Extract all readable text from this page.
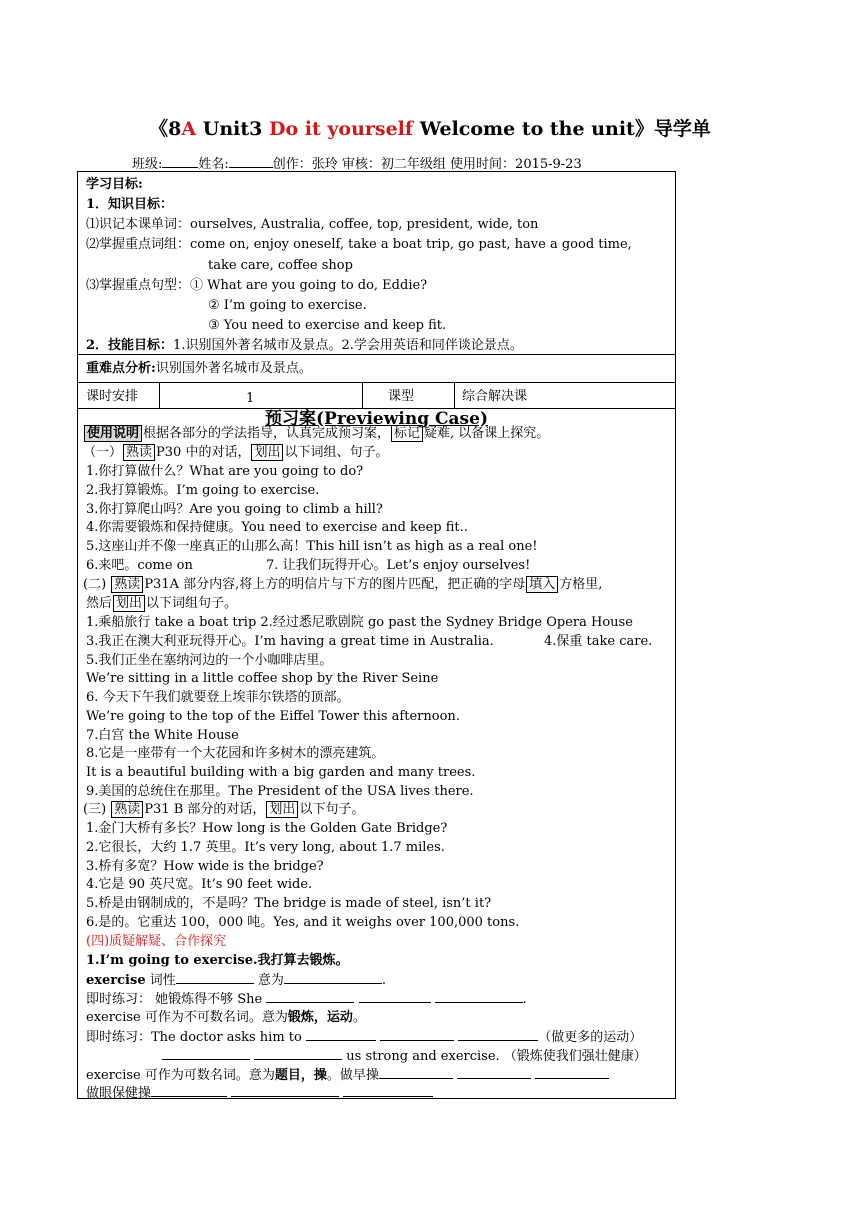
《8A Unit3 Do it yourself Welcome to the unit》导学单
班级:	姓名:	创作：张玲 审核：初二年级组 使用时间：2015-9-23
学习目标:
1．知识目标：
⑴识记本课单词：ourselves, Australia, coffee, top, president, wide, ton
⑵掌握重点词组：come on, enjoy oneself, take a boat trip, go past, have a good time,
take care, coffee shop
⑶掌握重点句型：① What are you going to do, Eddie?
② I’m going to exercise.
③ You need to exercise and keep fit.
2．技能目标：1.识别国外著名城市及景点。2.学会用英语和同伴谈论景点。
重难点分析:识别国外著名城市及景点。
课时安排	1	课型	综合解决课
预习案(Previewing Case)
使用说明 根据各部分的学法指导，认真完成预习案， 标记 疑难, 以备课上探究。
（一） 熟读 P30 中的对话， 划出 以下词组、句子。
1.你打算做什么？What are you going to do?
2.我打算锻炼。I’m going to exercise.
3.你打算爬山吗？Are you going to climb a hill?
4.你需要锻炼和保持健康。You need to exercise and keep fit..
5.这座山并不像一座真正的山那么高！This hill isn’t as high as a real one!
6.来吧。come on	7. 让我们玩得开心。Let’s enjoy ourselves!
(二) 熟读 P31A 部分内容,将上方的明信片与下方的图片匹配，把正确的字母 填入 方格里,
然后 划出 以下词组句子。
1.乘船旅行 take a boat trip 2.经过悉尼歌剧院 go past the Sydney Bridge Opera House
3.我正在澳大利亚玩得开心。I’m having a great time in Australia.	4.保重 take care.
5.我们正坐在塞纳河边的一个小咖啡店里。
We’re sitting in a little coffee shop by the River Seine
6. 今天下午我们就要登上埃菲尔铁塔的顶部。
We’re going to the top of the Eiffel Tower this afternoon.
7.白宫 the White House
8.它是一座带有一个大花园和许多树木的漂亮建筑。
It is a beautiful building with a big garden and many trees.
9.美国的总统住在那里。The President of the USA lives there.
(三) 熟读 P31 B 部分的对话， 划出 以下句子。
1.金门大桥有多长？How long is the Golden Gate Bridge?
2.它很长，大约 1.7 英里。It’s very long, about 1.7 miles.
3.桥有多宽？How wide is the bridge?
4.它是 90 英尺宽。It’s 90 feet wide.
5.桥是由钢制成的，不是吗？The bridge is made of steel, isn’t it?
6.是的。它重达 100，000 吨。Yes, and it weighs over 100,000 tons.
(四)质疑解疑、合作探究
1.I’m going to exercise.我打算去锻炼。
exercise 词性	意为	.
即时练习： 她锻炼得不够 She	.
exercise 可作为不可数名词。意为锻炼，运动。
即时练习：The doctor asks him to	（做更多的运动）
us strong and exercise. （锻炼使我们强壮健康）
exercise 可作为可数名词。意为题目，操。做早操
做眼保健操
